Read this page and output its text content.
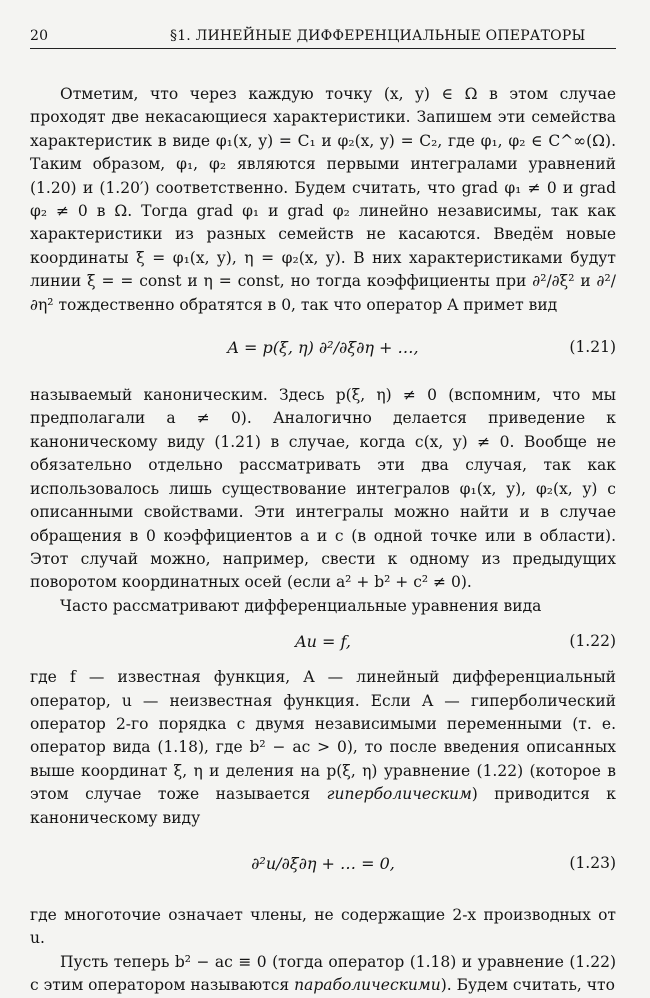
20	§1. ЛИНЕЙНЫЕ ДИФФЕРЕНЦИАЛЬНЫЕ ОПЕРАТОРЫ

Отметим, что через каждую точку (x, y) ∈ Ω в этом случае проходят две некасающиеся характеристики. Запишем эти семейства характеристик в виде φ₁(x, y) = C₁ и φ₂(x, y) = C₂, где φ₁, φ₂ ∈ C^∞(Ω). Таким образом, φ₁, φ₂ являются первыми интегралами уравнений (1.20) и (1.20′) соответственно. Будем считать, что grad φ₁ ≠ 0 и grad φ₂ ≠ 0 в Ω. Тогда grad φ₁ и grad φ₂ линейно независимы, так как характеристики из разных семейств не касаются. Введём новые координаты ξ = φ₁(x, y), η = φ₂(x, y). В них характеристиками будут линии ξ = = const и η = const, но тогда коэффициенты при ∂²/∂ξ² и ∂²/∂η² тождественно обратятся в 0, так что оператор A примет вид

A = p(ξ, η) ∂²/∂ξ∂η + …,	(1.21)

называемый каноническим. Здесь p(ξ, η) ≠ 0 (вспомним, что мы предполагали a ≠ 0). Аналогично делается приведение к каноническому виду (1.21) в случае, когда c(x, y) ≠ 0. Вообще не обязательно отдельно рассматривать эти два случая, так как использовалось лишь существование интегралов φ₁(x, y), φ₂(x, y) с описанными свойствами. Эти интегралы можно найти и в случае обращения в 0 коэффициентов a и c (в одной точке или в области). Этот случай можно, например, свести к одному из предыдущих поворотом координатных осей (если a² + b² + c² ≠ 0).

Часто рассматривают дифференциальные уравнения вида

Au = f,	(1.22)

где f — известная функция, A — линейный дифференциальный оператор, u — неизвестная функция. Если A — гиперболический оператор 2-го порядка с двумя независимыми переменными (т. е. оператор вида (1.18), где b² − ac > 0), то после введения описанных выше координат ξ, η и деления на p(ξ, η) уравнение (1.22) (которое в этом случае тоже называется гиперболическим) приводится к каноническому виду

∂²u/∂ξ∂η + … = 0,	(1.23)

где многоточие означает члены, не содержащие 2-х производных от u.

Пусть теперь b² − ac ≡ 0 (тогда оператор (1.18) и уравнение (1.22) с этим оператором называются параболическими). Будем считать, что
